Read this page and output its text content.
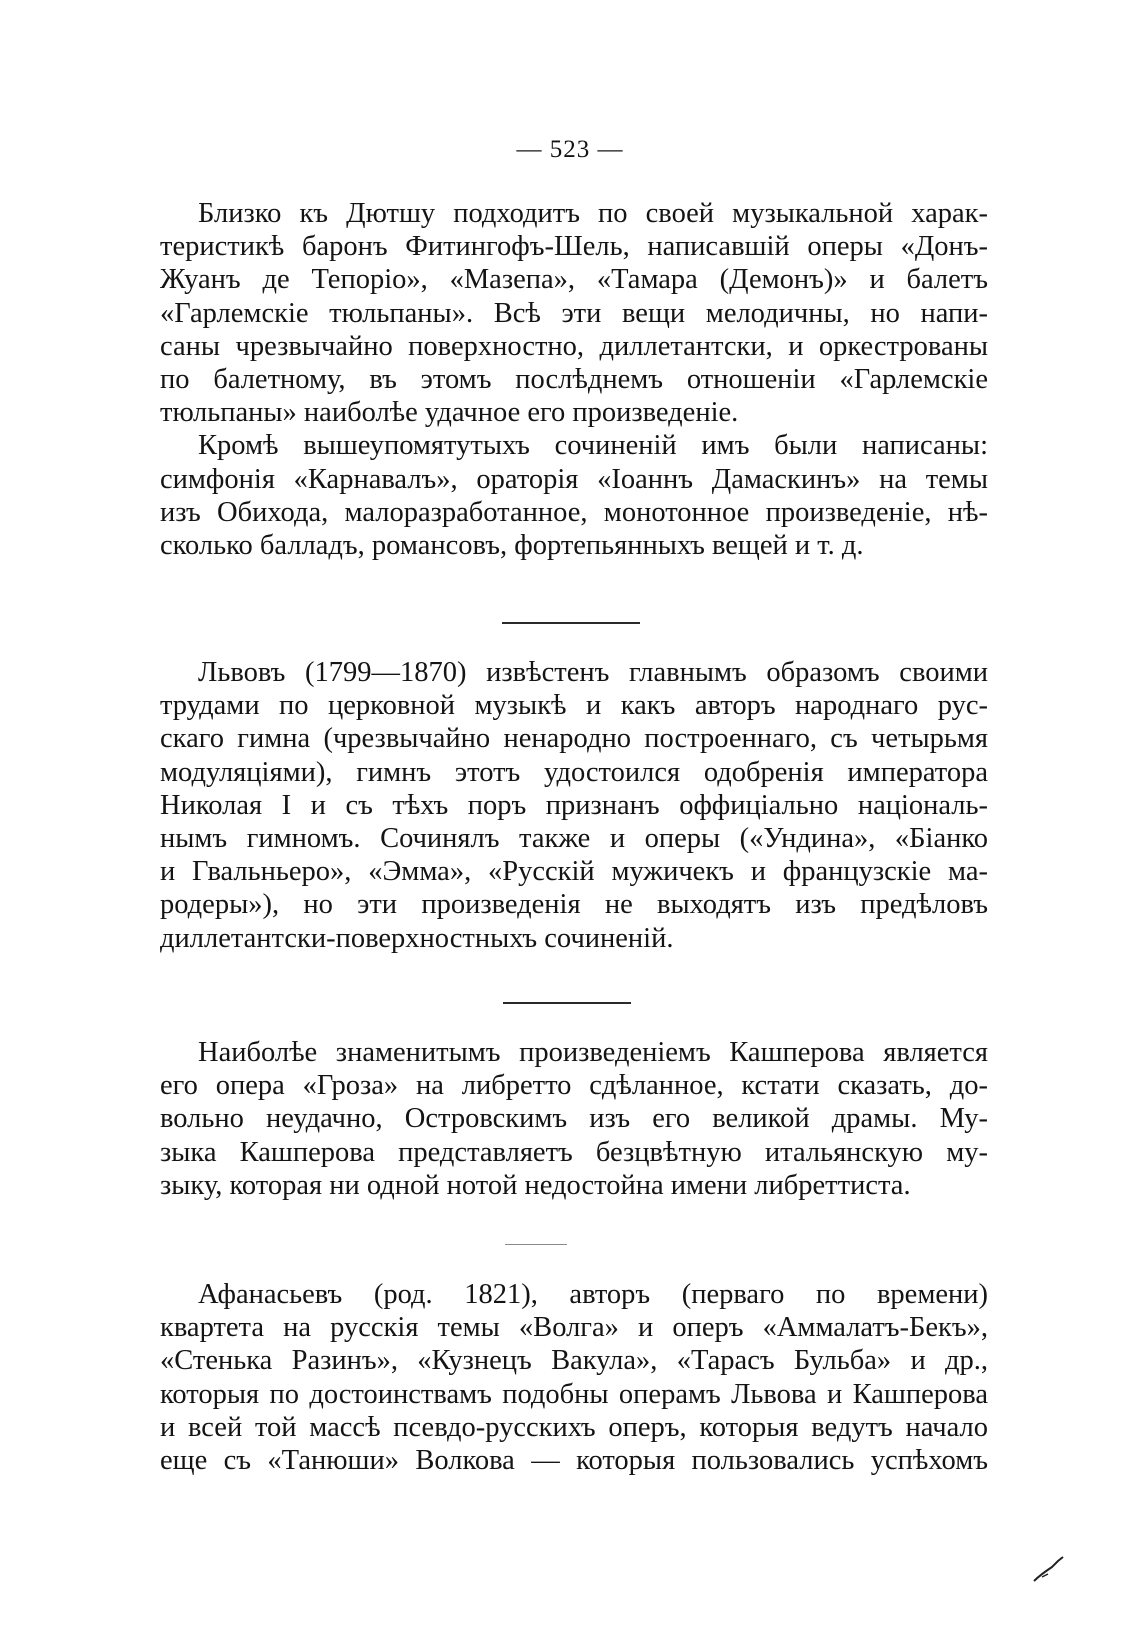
— 523 —
Близко къ Дютшу подходитъ по своей музыкальной харак-
теристикѣ баронъ Фитингофъ-Шель, написавшій оперы «Донъ-
Жуанъ де Тепоріо», «Мазепа», «Тамара (Демонъ)» и балетъ
«Гарлемскіе тюльпаны». Всѣ эти вещи мелодичны, но напи-
саны чрезвычайно поверхностно, диллетантски, и оркестрованы
по балетному, въ этомъ послѣднемъ отношеніи «Гарлемскіе
тюльпаны» наиболѣе удачное его произведеніе.
Кромѣ вышеупомятутыхъ сочиненій имъ были написаны:
симфонія «Карнавалъ», ораторія «Іоаннъ Дамаскинъ» на темы
изъ Обихода, малоразработанное, монотонное произведеніе, нѣ-
сколько балладъ, романсовъ, фортепьянныхъ вещей и т. д.
Львовъ (1799—1870) извѣстенъ главнымъ образомъ своими
трудами по церковной музыкѣ и какъ авторъ народнаго рус-
скаго гимна (чрезвычайно ненародно построеннаго, съ четырьмя
модуляціями), гимнъ этотъ удостоился одобренія императора
Николая I и съ тѣхъ поръ признанъ оффиціально національ-
нымъ гимномъ. Сочинялъ также и оперы («Ундина», «Біанко
и Гвальньеро», «Эмма», «Русскій мужичекъ и французскіе ма-
родеры»), но эти произведенія не выходятъ изъ предѣловъ
диллетантски-поверхностныхъ сочиненій.
Наиболѣе знаменитымъ произведеніемъ Кашперова является
его опера «Гроза» на либретто сдѣланное, кстати сказать, до-
вольно неудачно, Островскимъ изъ его великой драмы. Му-
зыка Кашперова представляетъ безцвѣтную итальянскую му-
зыку, которая ни одной нотой недостойна имени либреттиста.
Афанасьевъ (род. 1821), авторъ (перваго по времени)
квартета на русскія темы «Волга» и оперъ «Аммалатъ-Бекъ»,
«Стенька Разинъ», «Кузнецъ Вакула», «Тарасъ Бульба» и др.,
которыя по достоинствамъ подобны операмъ Львова и Кашперова
и всей той массѣ псевдо-русскихъ оперъ, которыя ведутъ начало
еще съ «Танюши» Волкова — которыя пользовались успѣхомъ
